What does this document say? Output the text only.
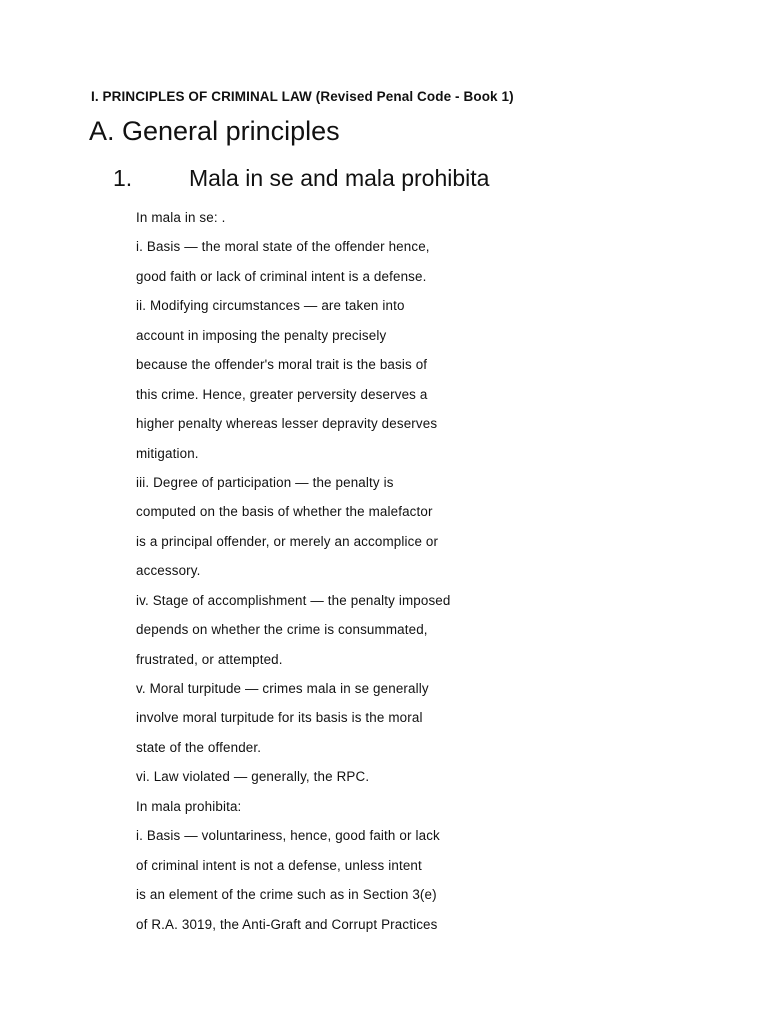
I. PRINCIPLES OF CRIMINAL LAW (Revised Penal Code - Book 1)
A. General principles
1. Mala in se and mala prohibita
In mala in se: .
i. Basis — the moral state of the offender hence,
good faith or lack of criminal intent is a defense.
ii. Modifying circumstances — are taken into
account in imposing the penalty precisely
because the offender's moral trait is the basis of
this crime. Hence, greater perversity deserves a
higher penalty whereas lesser depravity deserves
mitigation.
iii. Degree of participation — the penalty is
computed on the basis of whether the malefactor
is a principal offender, or merely an accomplice or
accessory.
iv. Stage of accomplishment — the penalty imposed
depends on whether the crime is consummated,
frustrated, or attempted.
v. Moral turpitude — crimes mala in se generally
involve moral turpitude for its basis is the moral
state of the offender.
vi. Law violated — generally, the RPC.
In mala prohibita:
i. Basis — voluntariness, hence, good faith or lack
of criminal intent is not a defense, unless intent
is an element of the crime such as in Section 3(e)
of R.A. 3019, the Anti-Graft and Corrupt Practices
